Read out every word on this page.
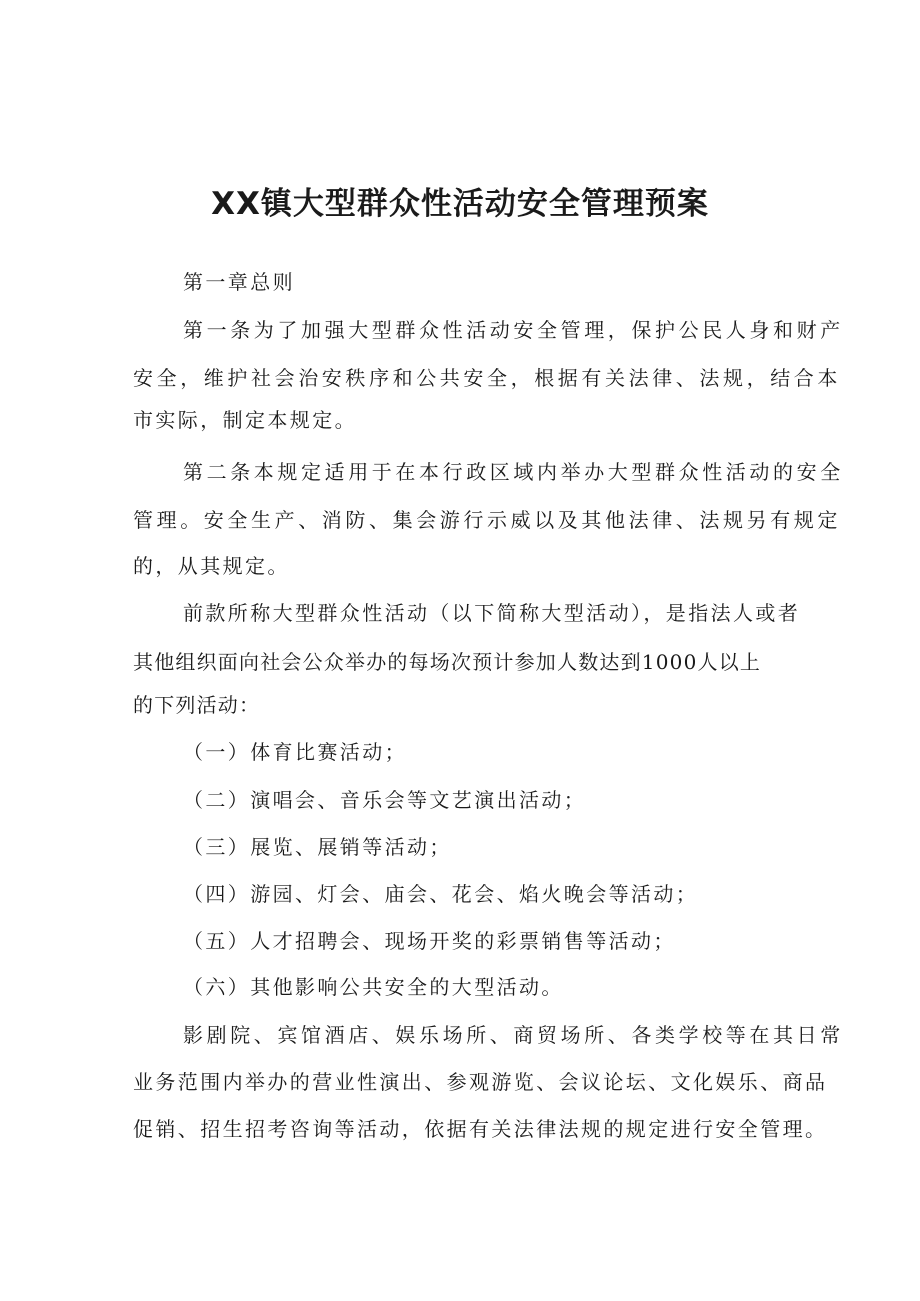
XX镇大型群众性活动安全管理预案
第一章总则
第一条为了加强大型群众性活动安全管理，保护公民人身和财产
安全，维护社会治安秩序和公共安全，根据有关法律、法规，结合本
市实际，制定本规定。
第二条本规定适用于在本行政区域内举办大型群众性活动的安全
管理。安全生产、消防、集会游行示威以及其他法律、法规另有规定
的，从其规定。
前款所称大型群众性活动（以下简称大型活动），是指法人或者
其他组织面向社会公众举办的每场次预计参加人数达到1000人以上
的下列活动：
（一）体育比赛活动；
（二）演唱会、音乐会等文艺演出活动；
（三）展览、展销等活动；
（四）游园、灯会、庙会、花会、焰火晚会等活动；
（五）人才招聘会、现场开奖的彩票销售等活动；
（六）其他影响公共安全的大型活动。
影剧院、宾馆酒店、娱乐场所、商贸场所、各类学校等在其日常
业务范围内举办的营业性演出、参观游览、会议论坛、文化娱乐、商品
促销、招生招考咨询等活动，依据有关法律法规的规定进行安全管理。
